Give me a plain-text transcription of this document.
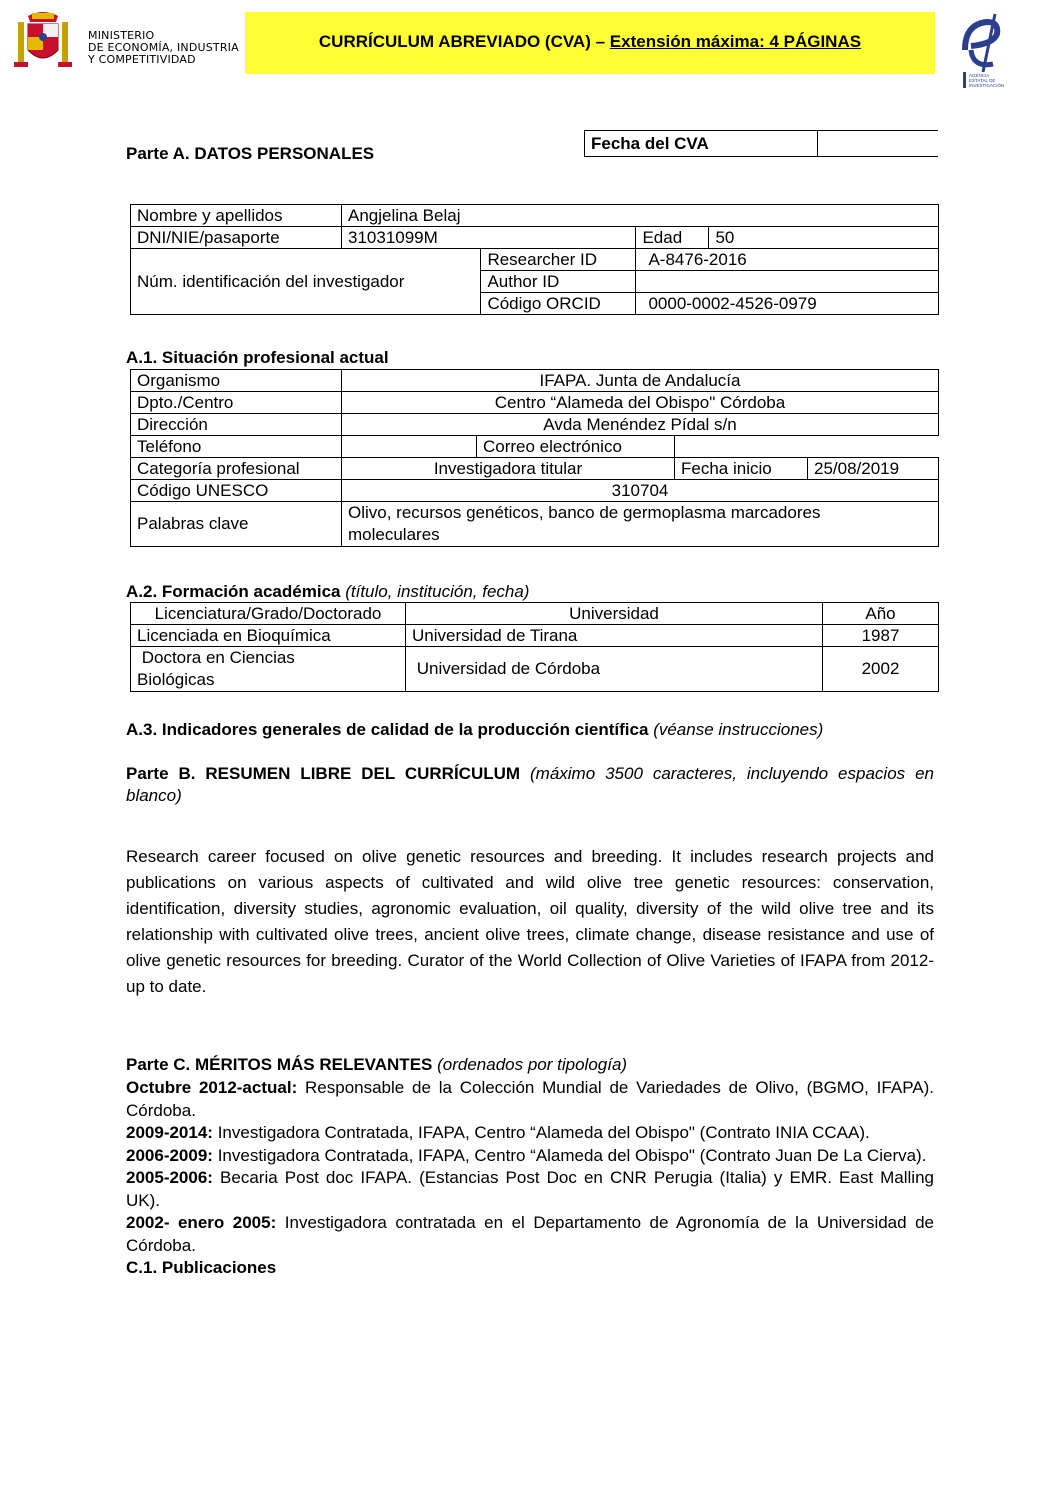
MINISTERIO
DE ECONOMÍA, INDUSTRIA
Y COMPETITIVIDAD
CURRÍCULUM ABREVIADO (CVA) – Extensión máxima: 4 PÁGINAS
AGENCIA
ESTATAL DE
INVESTIGACIÓN
Parte A. DATOS PERSONALES
Fecha del CVA	
Nombre y apellidos	Angjelina Belaj			
DNI/NIE/pasaporte	31031099M		Edad	50
Núm. identificación del investigador		Researcher ID	A-8476-2016	
		Author ID		
		Código ORCID	0000-0002-4526-0979	
A.1. Situación profesional actual
Organismo	IFAPA. Junta de Andalucía			
Dpto./Centro	Centro “Alameda del Obispo" Córdoba			
Dirección	Avda Menéndez Pídal s/n			
Teléfono		Correo electrónico		
Categoría profesional	Investigadora titular		Fecha inicio	25/08/2019
Código UNESCO	310704			
Palabras clave	Olivo, recursos genéticos, banco de germoplasma marcadores
moleculares			
A.2. Formación académica (título, institución, fecha)
Licenciatura/Grado/Doctorado	Universidad	Año
Licenciada en Bioquímica	Universidad de Tirana	1987

Doctora en Ciencias
Biológicas	Universidad de Córdoba	2002
A.3. Indicadores generales de calidad de la producción científica (véanse instrucciones)
Parte B. RESUMEN LIBRE DEL CURRÍCULUM (máximo 3500 caracteres, incluyendo espacios en blanco)
Research career focused on olive genetic resources and breeding. It includes research projects and publications on various aspects of cultivated and wild olive tree genetic resources: conservation, identification, diversity studies, agronomic evaluation, oil quality, diversity of the wild olive tree and its relationship with cultivated olive trees, ancient olive trees, climate change, disease resistance and use of olive genetic resources for breeding. Curator of the World Collection of Olive Varieties of IFAPA from 2012- up to date.
Parte C. MÉRITOS MÁS RELEVANTES (ordenados por tipología)
Octubre 2012-actual: Responsable de la Colección Mundial de Variedades de Olivo, (BGMO, IFAPA). Córdoba.
2009-2014: Investigadora Contratada, IFAPA, Centro “Alameda del Obispo" (Contrato INIA CCAA).
2006-2009: Investigadora Contratada, IFAPA, Centro “Alameda del Obispo" (Contrato Juan De La Cierva).
2005-2006: Becaria Post doc IFAPA. (Estancias Post Doc en CNR Perugia (Italia) y EMR. East Malling UK).
2002- enero 2005: Investigadora contratada en el Departamento de Agronomía de la Universidad de Córdoba.
C.1. Publicaciones
